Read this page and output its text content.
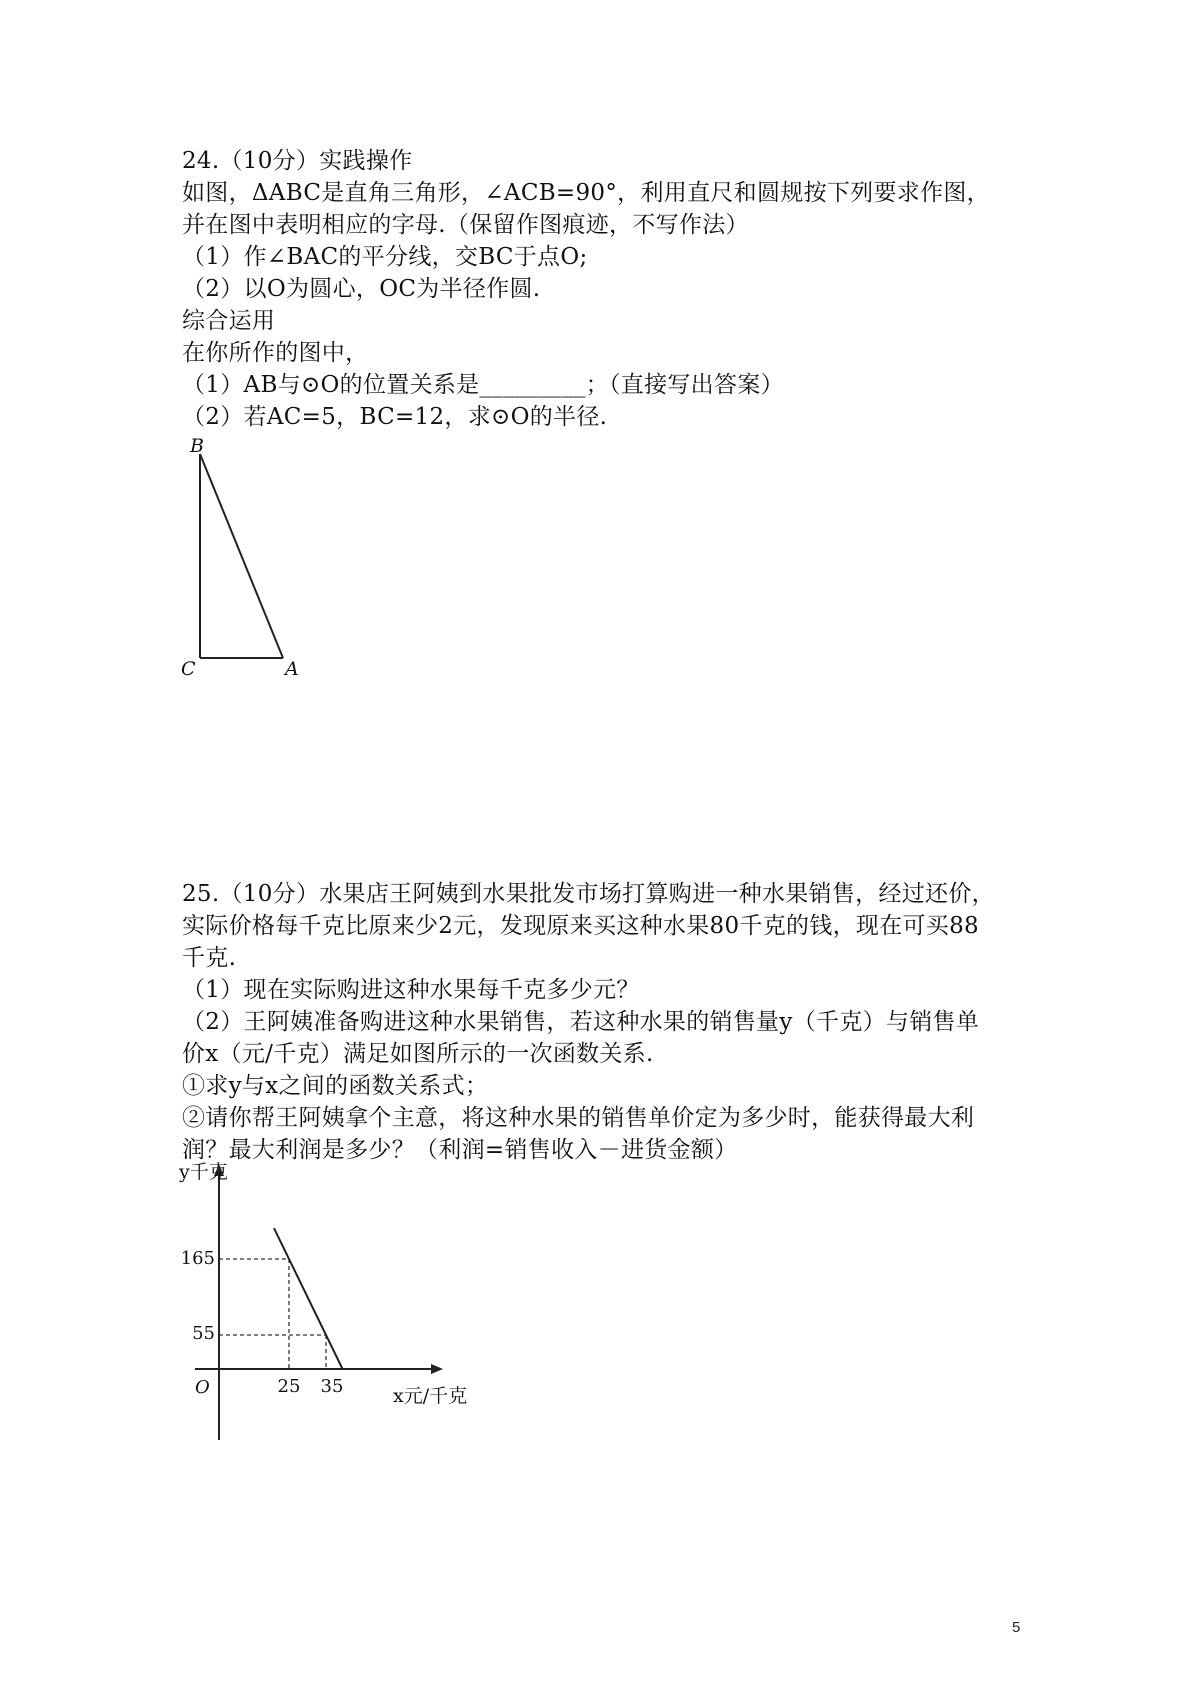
24.（10分）实践操作
如图，ΔABC是直角三角形，∠ACB=90°，利用直尺和圆规按下列要求作图，
并在图中表明相应的字母.（保留作图痕迹，不写作法）
（1）作∠BAC的平分线，交BC于点O;
（2）以O为圆心，OC为半径作圆.
综合运用
在你所作的图中，
（1）AB与⊙O的位置关系是_________；（直接写出答案）
（2）若AC=5，BC=12，求⊙O的半径.
B
C	A
25.（10分）水果店王阿姨到水果批发市场打算购进一种水果销售，经过还价，
实际价格每千克比原来少2元，发现原来买这种水果80千克的钱，现在可买88
千克.
（1）现在实际购进这种水果每千克多少元？
（2）王阿姨准备购进这种水果销售，若这种水果的销售量y（千克）与销售单
价x（元/千克）满足如图所示的一次函数关系.
①求y与x之间的函数关系式；
②请你帮王阿姨拿个主意，将这种水果的销售单价定为多少时，能获得最大利
润？最大利润是多少？（利润=销售收入－进货金额）
y千克
x元/千克
O
165
55
25 35
5
